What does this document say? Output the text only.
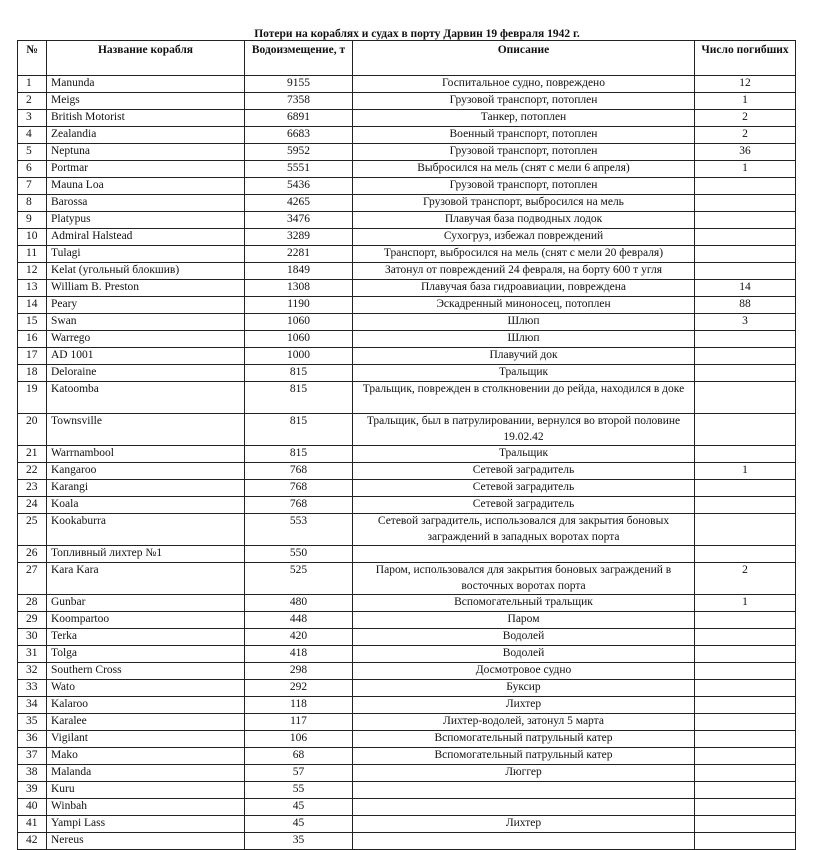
Потери на кораблях и судах в порту Дарвин 19 февраля 1942 г.
№	Название корабля	Водоизмещение, т	Описание	Число погибших
1	Manunda	9155	Госпитальное судно, повреждено	12
2	Meigs	7358	Грузовой транспорт, потоплен	1
3	British Motorist	6891	Танкер, потоплен	2
4	Zealandia	6683	Военный транспорт, потоплен	2
5	Neptuna	5952	Грузовой транспорт, потоплен	36
6	Portmar	5551	Выбросился на мель (снят с мели 6 апреля)	1
7	Mauna Loa	5436	Грузовой транспорт, потоплен	
8	Barossa	4265	Грузовой транспорт, выбросился на мель	
9	Platypus	3476	Плавучая база подводных лодок	
10	Admiral Halstead	3289	Сухогруз, избежал повреждений	
11	Tulagi	2281	Транспорт, выбросился на мель (снят с мели 20 февраля)	
12	Kelat (угольный блокшив)	1849	Затонул от повреждений 24 февраля, на борту 600 т угля	
13	William B. Preston	1308	Плавучая база гидроавиации, повреждена	14
14	Peary	1190	Эскадренный миноносец, потоплен	88
15	Swan	1060	Шлюп	3
16	Warrego	1060	Шлюп	
17	AD 1001	1000	Плавучий док	
18	Deloraine	815	Тральщик	
19	Katoomba	815	Тральщик, поврежден в столкновении до рейда, находился в доке	
20	Townsville	815	Тральщик, был в патрулировании, вернулся во второй половине 19.02.42	
21	Warrnambool	815	Тральщик	
22	Kangaroo	768	Сетевой заградитель	1
23	Karangi	768	Сетевой заградитель	
24	Koala	768	Сетевой заградитель	
25	Kookaburra	553	Сетевой заградитель, использовался для закрытия боновых заграждений в западных воротах порта	
26	Топливный лихтер №1	550		
27	Kara Kara	525	Паром, использовался для закрытия боновых заграждений в восточных воротах порта	2
28	Gunbar	480	Вспомогательный тральщик	1
29	Koompartoo	448	Паром	
30	Terka	420	Водолей	
31	Tolga	418	Водолей	
32	Southern Cross	298	Досмотровое судно	
33	Wato	292	Буксир	
34	Kalaroo	118	Лихтер	
35	Karalee	117	Лихтер-водолей, затонул 5 марта	
36	Vigilant	106	Вспомогательный патрульный катер	
37	Mako	68	Вспомогательный патрульный катер	
38	Malanda	57	Люггер	
39	Kuru	55		
40	Winbah	45		
41	Yampi Lass	45	Лихтер	
42	Nereus	35		
